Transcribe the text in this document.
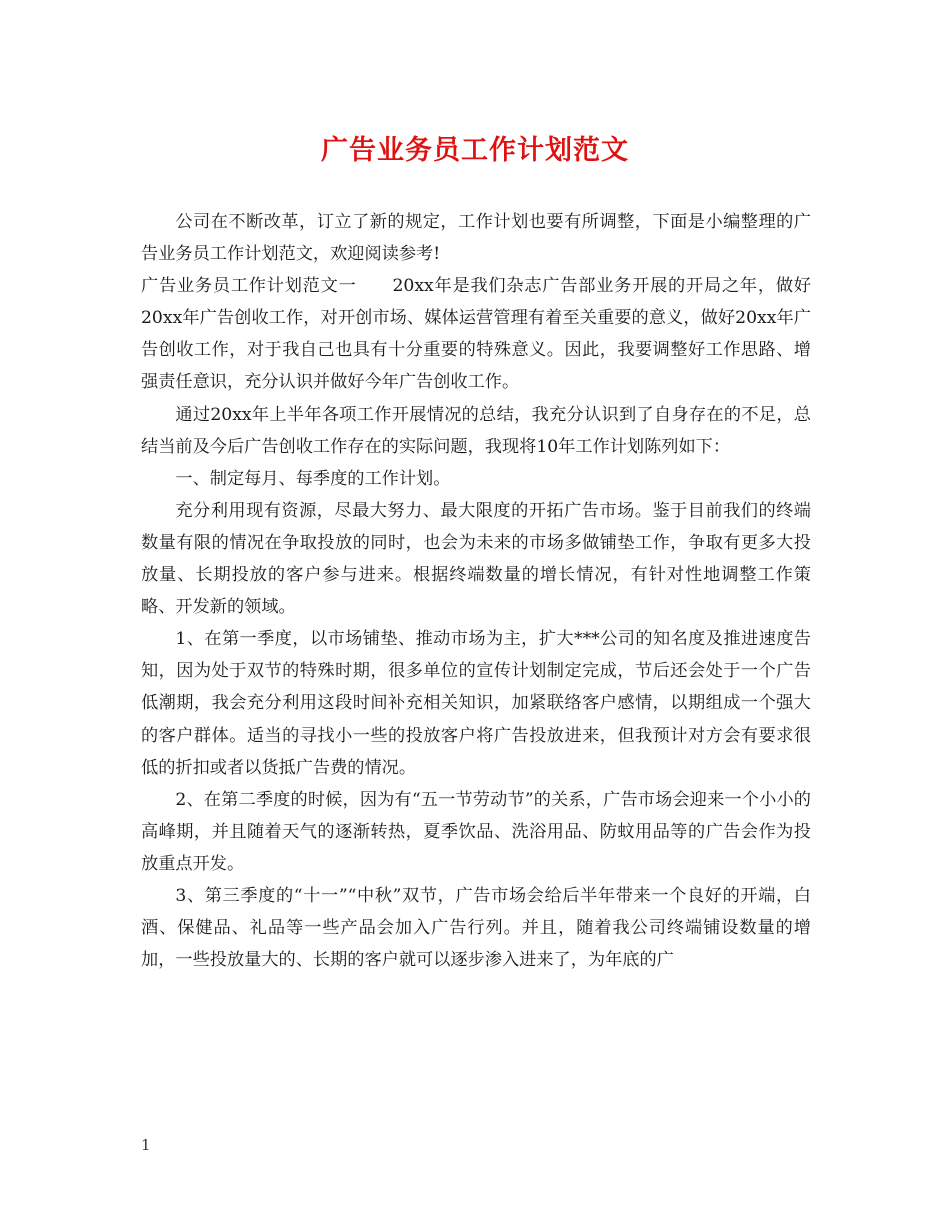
广告业务员工作计划范文

公司在不断改革，订立了新的规定，工作计划也要有所调整，下面是小编整理的广告业务员工作计划范文，欢迎阅读参考!

广告业务员工作计划范文一　　20xx年是我们杂志广告部业务开展的开局之年，做好20xx年广告创收工作，对开创市场、媒体运营管理有着至关重要的意义，做好20xx年广告创收工作，对于我自己也具有十分重要的特殊意义。因此，我要调整好工作思路、增强责任意识，充分认识并做好今年广告创收工作。

通过20xx年上半年各项工作开展情况的总结，我充分认识到了自身存在的不足，总结当前及今后广告创收工作存在的实际问题，我现将10年工作计划陈列如下：

一、制定每月、每季度的工作计划。

充分利用现有资源，尽最大努力、最大限度的开拓广告市场。鉴于目前我们的终端数量有限的情况在争取投放的同时，也会为未来的市场多做铺垫工作，争取有更多大投放量、长期投放的客户参与进来。根据终端数量的增长情况，有针对性地调整工作策略、开发新的领域。

1、在第一季度，以市场铺垫、推动市场为主，扩大***公司的知名度及推进速度告知，因为处于双节的特殊时期，很多单位的宣传计划制定完成，节后还会处于一个广告低潮期，我会充分利用这段时间补充相关知识，加紧联络客户感情，以期组成一个强大的客户群体。适当的寻找小一些的投放客户将广告投放进来，但我预计对方会有要求很低的折扣或者以货抵广告费的情况。

2、在第二季度的时候，因为有“五一节劳动节”的关系，广告市场会迎来一个小小的高峰期，并且随着天气的逐渐转热，夏季饮品、洗浴用品、防蚊用品等的广告会作为投放重点开发。

3、第三季度的“十一”“中秋”双节，广告市场会给后半年带来一个良好的开端，白酒、保健品、礼品等一些产品会加入广告行列。并且，随着我公司终端铺设数量的增加，一些投放量大的、长期的客户就可以逐步渗入进来了，为年底的广

1
